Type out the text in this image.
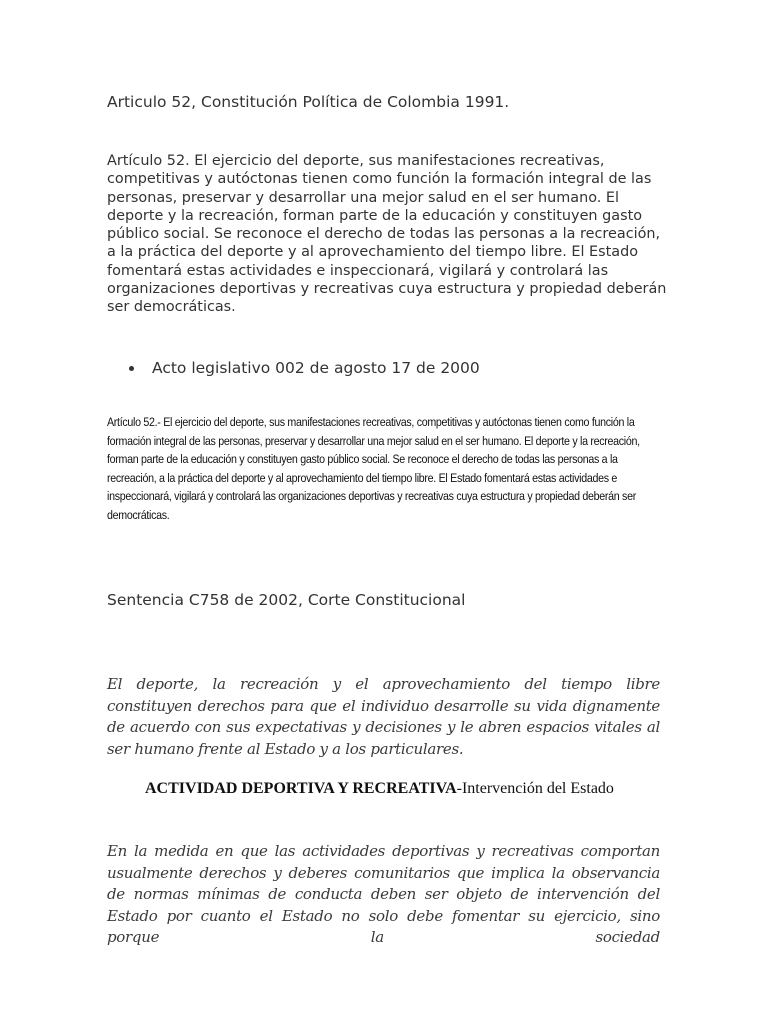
Articulo 52, Constitución Política de Colombia 1991.

Artículo 52. El ejercicio del deporte, sus manifestaciones recreativas, competitivas y autóctonas tienen como función la formación integral de las personas, preservar y desarrollar una mejor salud en el ser humano. El deporte y la recreación, forman parte de la educación y constituyen gasto público social. Se reconoce el derecho de todas las personas a la recreación, a la práctica del deporte y al aprovechamiento del tiempo libre. El Estado fomentará estas actividades e inspeccionará, vigilará y controlará las organizaciones deportivas y recreativas cuya estructura y propiedad deberán ser democráticas.

Acto legislativo 002 de agosto 17 de 2000

Artículo 52.- El ejercicio del deporte, sus manifestaciones recreativas, competitivas y autóctonas tienen como función la formación integral de las personas, preservar y desarrollar una mejor salud en el ser humano. El deporte y la recreación, forman parte de la educación y constituyen gasto público social. Se reconoce el derecho de todas las personas a la recreación, a la práctica del deporte y al aprovechamiento del tiempo libre. El Estado fomentará estas actividades e inspeccionará, vigilará y controlará las organizaciones deportivas y recreativas cuya estructura y propiedad deberán ser democráticas.

Sentencia C758 de 2002, Corte Constitucional

El deporte, la recreación y el aprovechamiento del tiempo libre constituyen derechos para que el individuo desarrolle su vida dignamente de acuerdo con sus expectativas y decisiones y le abren espacios vitales al ser humano frente al Estado y a los particulares.

ACTIVIDAD DEPORTIVA Y RECREATIVA-Intervención del Estado

En la medida en que las actividades deportivas y recreativas comportan usualmente derechos y deberes comunitarios que implica la observancia de normas mínimas de conducta deben ser objeto de intervención del Estado por cuanto el Estado no solo debe fomentar su ejercicio, sino porque la sociedad
